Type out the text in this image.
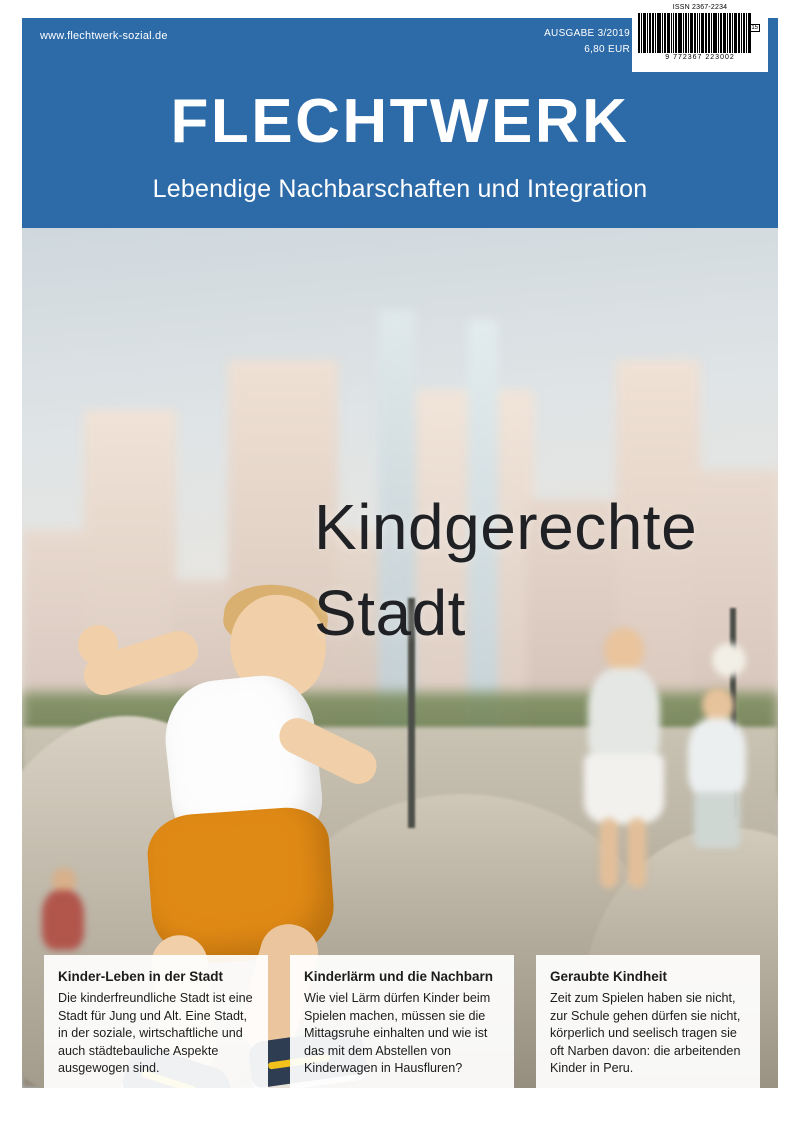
www.flechtwerk-sozial.de	AUSGABE 3/2019
6,80 EUR
ISSN 2367-2234
15
9 772367 223002
FLECHTWERK
Lebendige Nachbarschaften und Integration
Kindgerechte
Stadt
Kinder-Leben in der Stadt

Die kinderfreundliche Stadt ist eine Stadt für Jung und Alt. Eine Stadt, in der soziale, wirtschaftliche und auch städtebauliche Aspekte ausgewogen sind.

Kinderlärm und die Nachbarn

Wie viel Lärm dürfen Kinder beim Spielen machen, müssen sie die Mittagsruhe einhalten und wie ist das mit dem Abstellen von Kinderwagen in Hausfluren?

Geraubte Kindheit

Zeit zum Spielen haben sie nicht, zur Schule gehen dürfen sie nicht, körperlich und seelisch tragen sie oft Narben davon: die arbeitenden Kinder in Peru.
